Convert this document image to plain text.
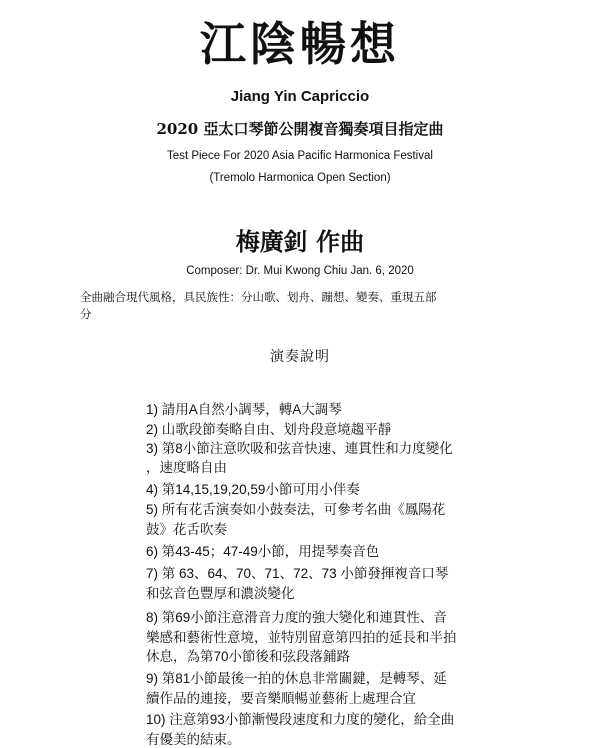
江陰暢想
Jiang Yin Capriccio
2020 亞太口琴節公開複音獨奏項目指定曲
Test Piece For 2020 Asia Pacific Harmonica Festival
(Tremolo Harmonica Open Section)
梅廣釗 作曲
Composer: Dr. Mui Kwong Chiu Jan. 6, 2020
全曲融合現代風格，具民族性：分山歌、划舟、蹦想、變奏、重現五部
分
演奏說明
1) 請用A自然小調琴，轉A大調琴
2) 山歌段節奏略自由、划舟段意境趨平靜
3) 第8小節注意吹吸和弦音快速、連貫性和力度變化
，速度略自由
4) 第14,15,19,20,59小節可用小伴奏
5) 所有花舌演奏如小鼓奏法，可參考名曲《鳳陽花
鼓》花舌吹奏
6) 第43-45；47-49小節，用提琴奏音色
7) 第 63、64、70、71、72、73 小節發揮複音口琴
和弦音色豐厚和濃淡變化
8) 第69小節注意滑音力度的強大變化和連貫性、音
樂感和藝術性意境，並特別留意第四拍的延長和半拍
休息，為第70小節後和弦段落鋪路
9) 第81小節最後一拍的休息非常關鍵，是轉琴、延
續作品的連接，要音樂順暢並藝術上處理合宜
10) 注意第93小節漸慢段速度和力度的變化，給全曲
有優美的結束。
